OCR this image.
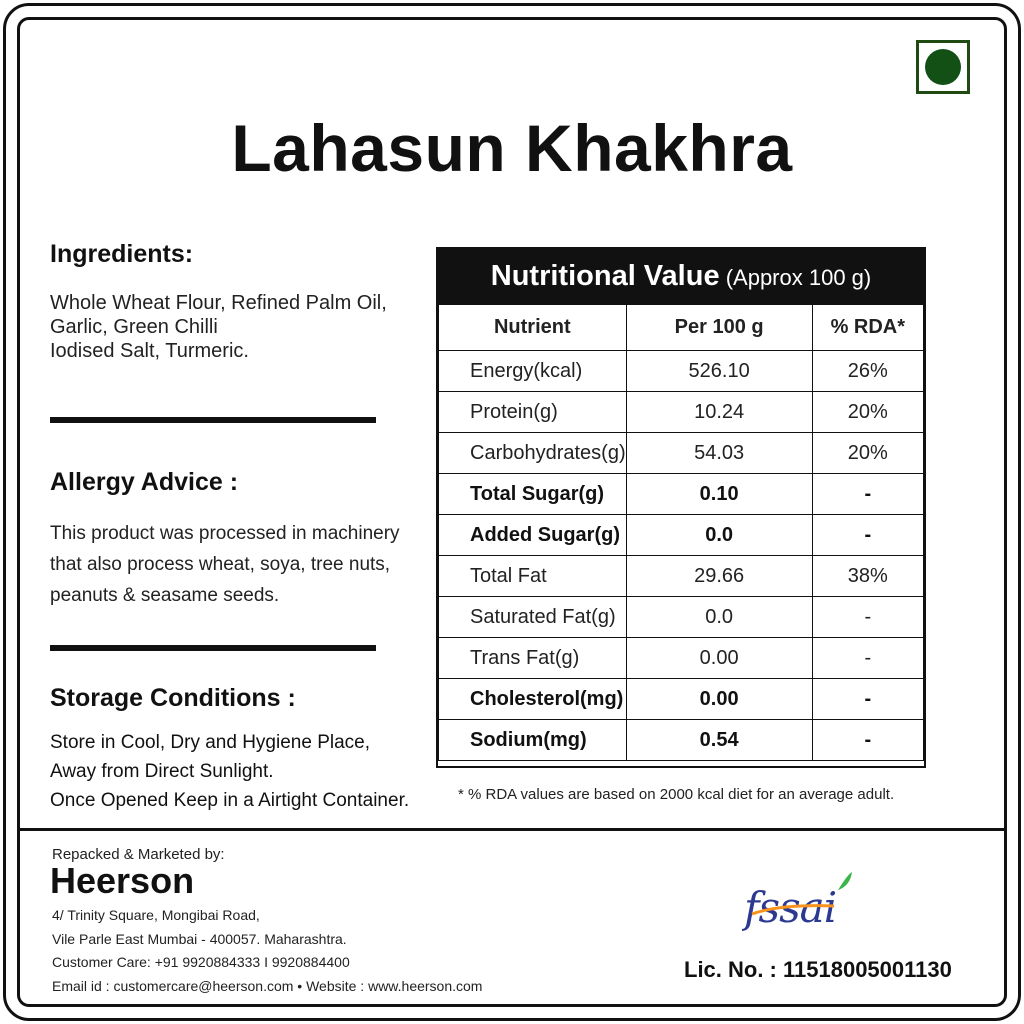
Lahasun Khakhra
Ingredients:
Whole Wheat Flour, Refined Palm Oil,
Garlic, Green Chilli
Iodised Salt, Turmeric.
Allergy Advice :
This product was processed in machinery
that also process wheat, soya, tree nuts,
peanuts & seasame seeds.
Storage Conditions :
Store in Cool, Dry and Hygiene Place,
Away from Direct Sunlight.
Once Opened Keep in a Airtight Container.
Nutritional Value (Approx 100 g)
Nutrient	Per 100 g	% RDA*
Energy(kcal)	526.10	26%
Protein(g)	10.24	20%
Carbohydrates(g)	54.03	20%
Total Sugar(g)	0.10	-
Added Sugar(g)	0.0	-
Total Fat	29.66	38%
Saturated Fat(g)	0.0	-
Trans Fat(g)	0.00	-
Cholesterol(mg)	0.00	-
Sodium(mg)	0.54	-
* % RDA values are based on 2000 kcal diet for an average adult.
Repacked & Marketed by:
Heerson
4/ Trinity Square, Mongibai Road,
Vile Parle East Mumbai - 400057. Maharashtra.
Customer Care: +91 9920884333 I 9920884400
Email id : customercare@heerson.com • Website : www.heerson.com
fssai
Lic. No. : 11518005001130
